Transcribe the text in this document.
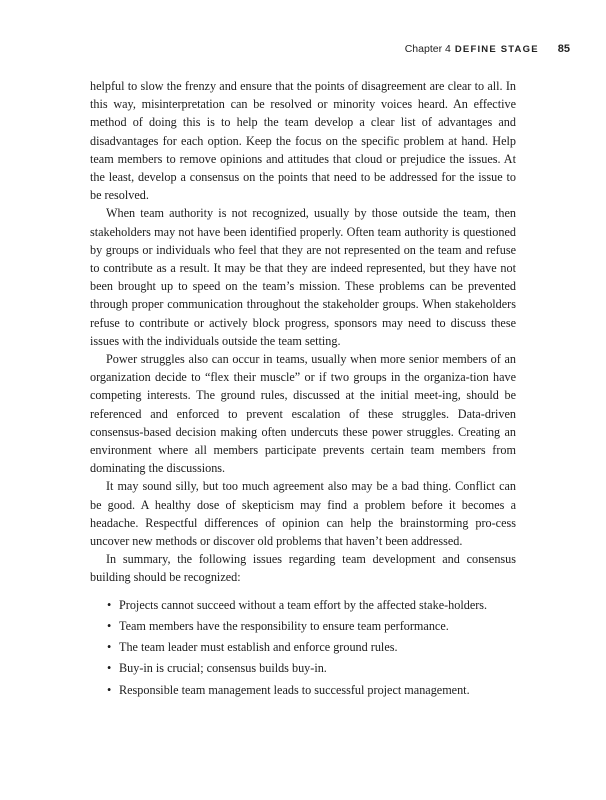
Chapter 4 DEFINE STAGE 85

helpful to slow the frenzy and ensure that the points of disagreement are clear to all. In this way, misinterpretation can be resolved or minority voices heard. An effective method of doing this is to help the team develop a clear list of advantages and disadvantages for each option. Keep the focus on the specific problem at hand. Help team members to remove opinions and attitudes that cloud or prejudice the issues. At the least, develop a consensus on the points that need to be addressed for the issue to be resolved.

When team authority is not recognized, usually by those outside the team, then stakeholders may not have been identified properly. Often team authority is questioned by groups or individuals who feel that they are not represented on the team and refuse to contribute as a result. It may be that they are indeed represented, but they have not been brought up to speed on the team’s mission. These problems can be prevented through proper communication throughout the stakeholder groups. When stakeholders refuse to contribute or actively block progress, sponsors may need to discuss these issues with the individuals outside the team setting.

Power struggles also can occur in teams, usually when more senior members of an organization decide to “flex their muscle” or if two groups in the organiza-tion have competing interests. The ground rules, discussed at the initial meet-ing, should be referenced and enforced to prevent escalation of these struggles. Data-driven consensus-based decision making often undercuts these power struggles. Creating an environment where all members participate prevents certain team members from dominating the discussions.

It may sound silly, but too much agreement also may be a bad thing. Conflict can be good. A healthy dose of skepticism may find a problem before it becomes a headache. Respectful differences of opinion can help the brainstorming pro-cess uncover new methods or discover old problems that haven’t been addressed.

In summary, the following issues regarding team development and consensus building should be recognized:

• Projects cannot succeed without a team effort by the affected stake-holders.
• Team members have the responsibility to ensure team performance.
• The team leader must establish and enforce ground rules.
• Buy-in is crucial; consensus builds buy-in.
• Responsible team management leads to successful project management.
